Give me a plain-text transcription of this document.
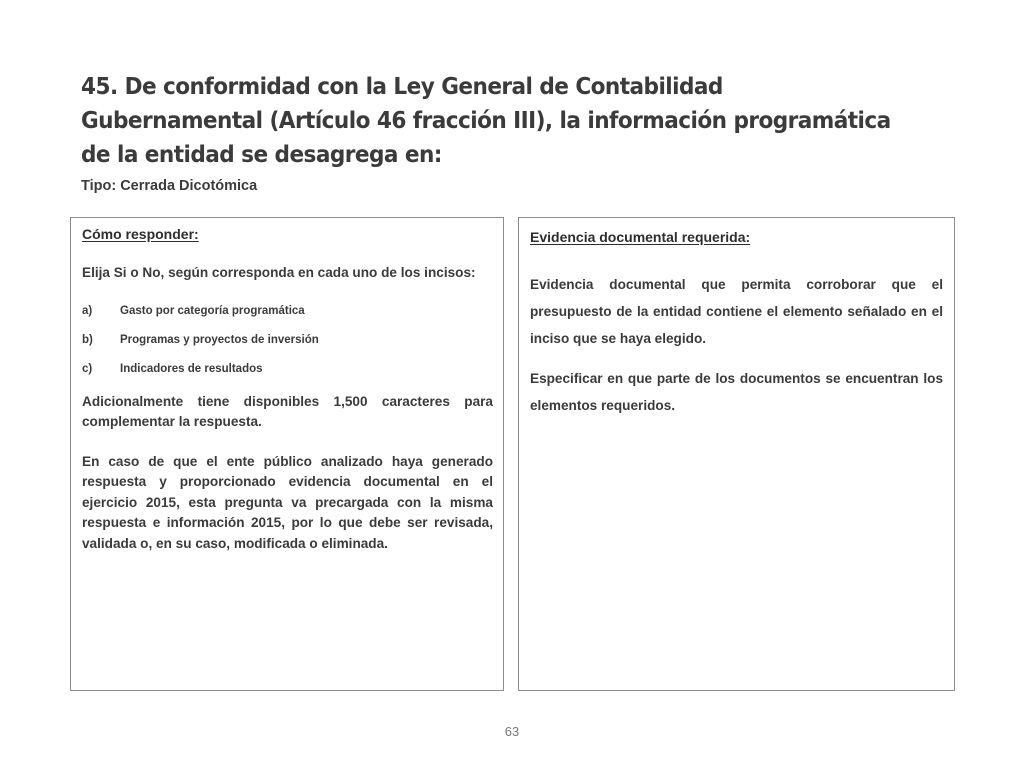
45. De conformidad con la Ley General de Contabilidad Gubernamental (Artículo 46 fracción III), la información programática de la entidad se desagrega en:
Tipo: Cerrada Dicotómica

Cómo responder:

Elija Si o No, según corresponda en cada uno de los incisos:

a)	Gasto por categoría programática
b)	Programas y proyectos de inversión
c)	Indicadores de resultados

Adicionalmente tiene disponibles 1,500 caracteres para complementar la respuesta.

En caso de que el ente público analizado haya generado respuesta y proporcionado evidencia documental en el ejercicio 2015, esta pregunta va precargada con la misma respuesta e información 2015, por lo que debe ser revisada, validada o, en su caso, modificada o eliminada.

Evidencia documental requerida:

Evidencia documental que permita corroborar que el presupuesto de la entidad contiene el elemento señalado en el inciso que se haya elegido.

Especificar en que parte de los documentos se encuentran los elementos requeridos.

63
